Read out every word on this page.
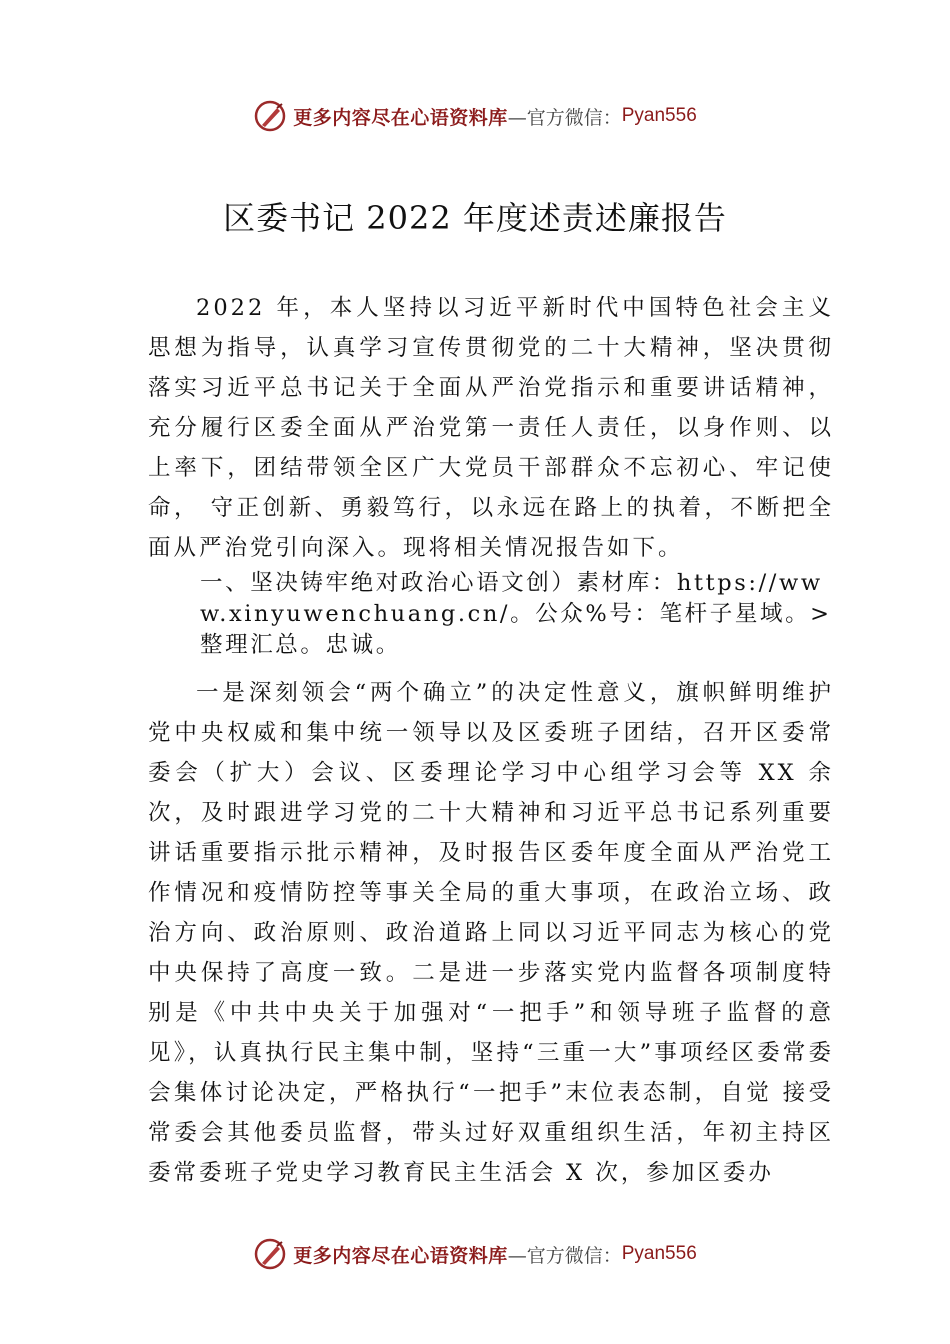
更多内容尽在心语资料库 —官方微信： Pyan556
区委书记 2022 年度述责述廉报告

2022 年，本人坚持以习近平新时代中国特色社会主义思想为指导，认真学习宣传贯彻党的二十大精神，坚决贯彻落实习近平总书记关于全面从严治党指示和重要讲话精神，充分履行区委全面从严治党第一责任人责任，以身作则、以上率下，团结带领全区广大党员干部群众不忘初心、牢记使命， 守正创新、勇毅笃行，以永远在路上的执着，不断把全面从严治党引向深入。现将相关情况报告如下。

一、坚决铸牢绝对政治心语文创）素材库：https://www.xinyuwenchuang.cn/。公众%号：笔杆子星域。>整理汇总。忠诚。

一是深刻领会“两个确立”的决定性意义，旗帜鲜明维护党中央权威和集中统一领导以及区委班子团结，召开区委常委会（扩大）会议、区委理论学习中心组学习会等 XX 余次，及时跟进学习党的二十大精神和习近平总书记系列重要讲话重要指示批示精神，及时报告区委年度全面从严治党工作情况和疫情防控等事关全局的重大事项，在政治立场、政治方向、政治原则、政治道路上同以习近平同志为核心的党中央保持了高度一致。二是进一步落实党内监督各项制度特别是《中共中央关于加强对“一把手”和领导班子监督的意见》，认真执行民主集中制，坚持“三重一大”事项经区委常委会集体讨论决定，严格执行“一把手”末位表态制，自觉 接受常委会其他委员监督，带头过好双重组织生活，年初主持区委常委班子党史学习教育民主生活会 X 次，参加区委办

更多内容尽在心语资料库 —官方微信： Pyan556
